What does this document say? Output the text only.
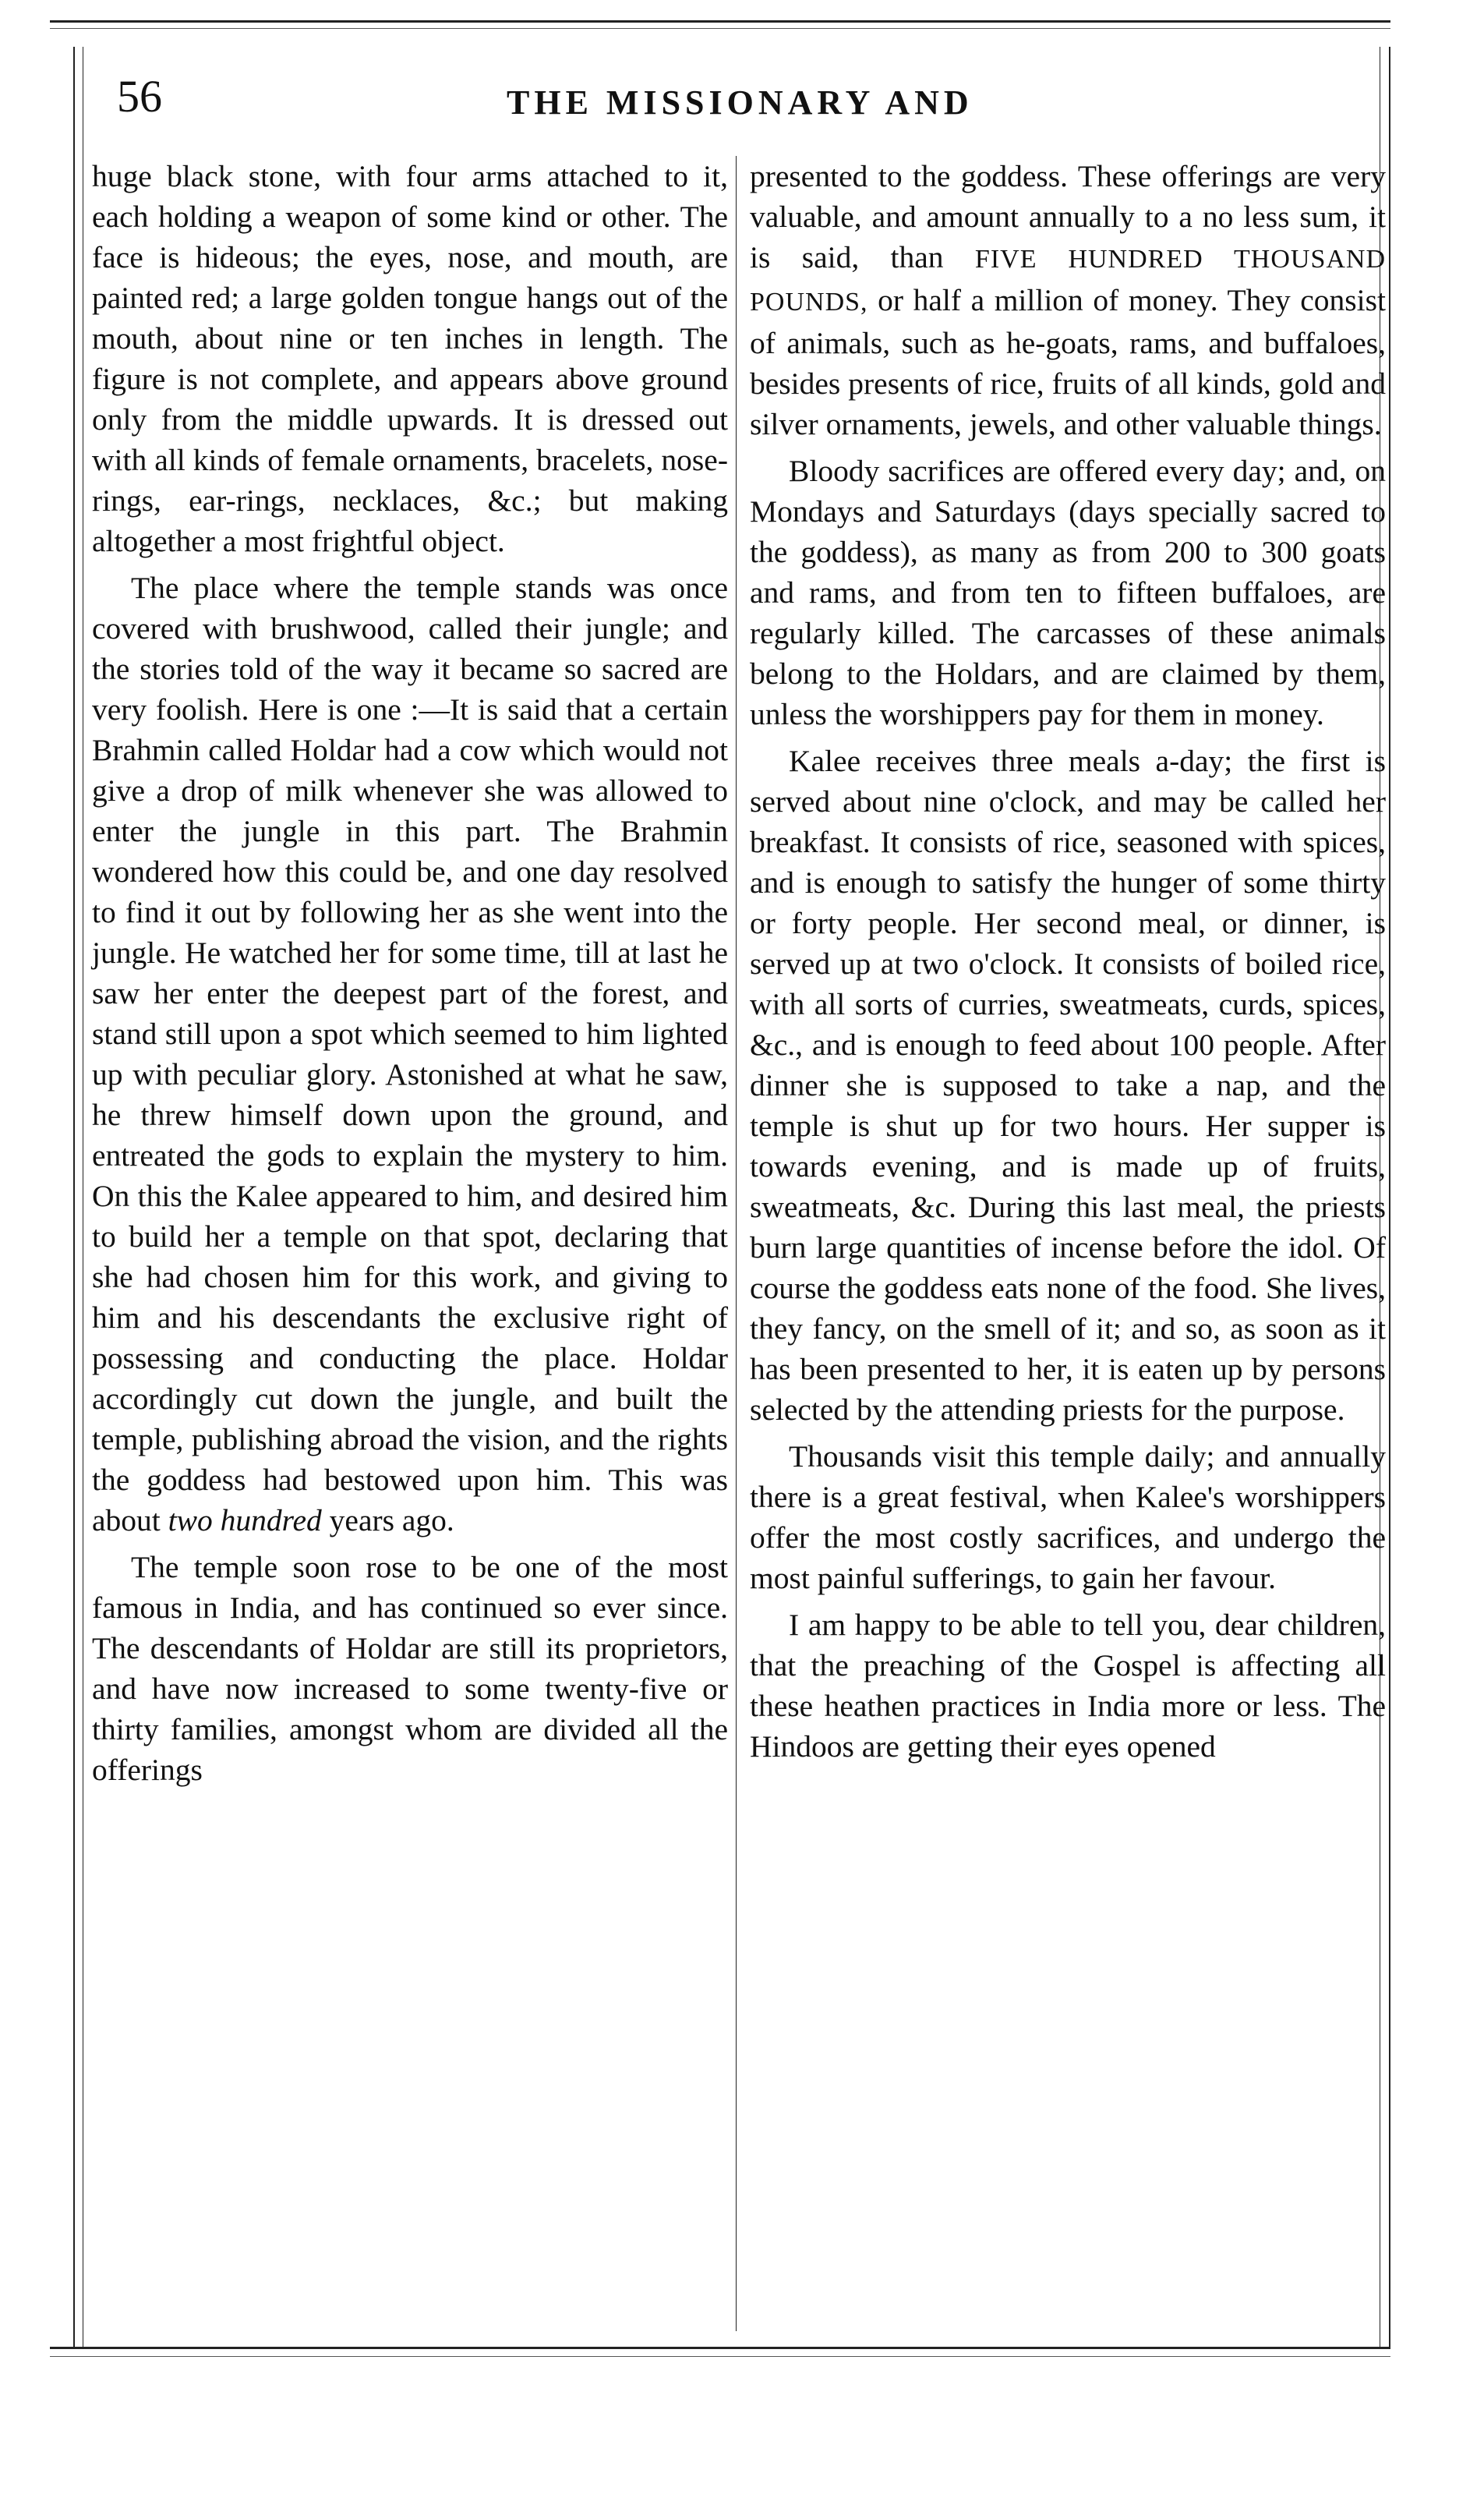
56	THE MISSIONARY AND

huge black stone, with four arms attached to it, each holding a weapon of some kind or other. The face is hideous; the eyes, nose, and mouth, are painted red; a large golden tongue hangs out of the mouth, about nine or ten inches in length. The figure is not complete, and appears above ground only from the middle upwards. It is dressed out with all kinds of female ornaments, bracelets, nose-rings, ear-rings, necklaces, &c.; but making altogether a most frightful object.

The place where the temple stands was once covered with brushwood, called their jungle; and the stories told of the way it became so sacred are very foolish. Here is one :—It is said that a certain Brahmin called Holdar had a cow which would not give a drop of milk whenever she was allowed to enter the jungle in this part. The Brahmin wondered how this could be, and one day resolved to find it out by following her as she went into the jungle. He watched her for some time, till at last he saw her enter the deepest part of the forest, and stand still upon a spot which seemed to him lighted up with peculiar glory. Astonished at what he saw, he threw himself down upon the ground, and entreated the gods to explain the mystery to him. On this the Kalee appeared to him, and desired him to build her a temple on that spot, declaring that she had chosen him for this work, and giving to him and his descendants the exclusive right of possessing and conducting the place. Holdar accordingly cut down the jungle, and built the temple, publishing abroad the vision, and the rights the goddess had bestowed upon him. This was about two hundred years ago.

The temple soon rose to be one of the most famous in India, and has continued so ever since. The descendants of Holdar are still its proprietors, and have now increased to some twenty-five or thirty families, amongst whom are divided all the offerings

presented to the goddess. These offerings are very valuable, and amount annually to a no less sum, it is said, than FIVE HUNDRED THOUSAND POUNDS, or half a million of money. They consist of animals, such as he-goats, rams, and buffaloes, besides presents of rice, fruits of all kinds, gold and silver ornaments, jewels, and other valuable things.

Bloody sacrifices are offered every day; and, on Mondays and Saturdays (days specially sacred to the goddess), as many as from 200 to 300 goats and rams, and from ten to fifteen buffaloes, are regularly killed. The carcasses of these animals belong to the Holdars, and are claimed by them, unless the worshippers pay for them in money.

Kalee receives three meals a-day; the first is served about nine o'clock, and may be called her breakfast. It consists of rice, seasoned with spices, and is enough to satisfy the hunger of some thirty or forty people. Her second meal, or dinner, is served up at two o'clock. It consists of boiled rice, with all sorts of curries, sweatmeats, curds, spices, &c., and is enough to feed about 100 people. After dinner she is supposed to take a nap, and the temple is shut up for two hours. Her supper is towards evening, and is made up of fruits, sweatmeats, &c. During this last meal, the priests burn large quantities of incense before the idol. Of course the goddess eats none of the food. She lives, they fancy, on the smell of it; and so, as soon as it has been presented to her, it is eaten up by persons selected by the attending priests for the purpose.

Thousands visit this temple daily; and annually there is a great festival, when Kalee's worshippers offer the most costly sacrifices, and undergo the most painful sufferings, to gain her favour.

I am happy to be able to tell you, dear children, that the preaching of the Gospel is affecting all these heathen practices in India more or less. The Hindoos are getting their eyes opened
